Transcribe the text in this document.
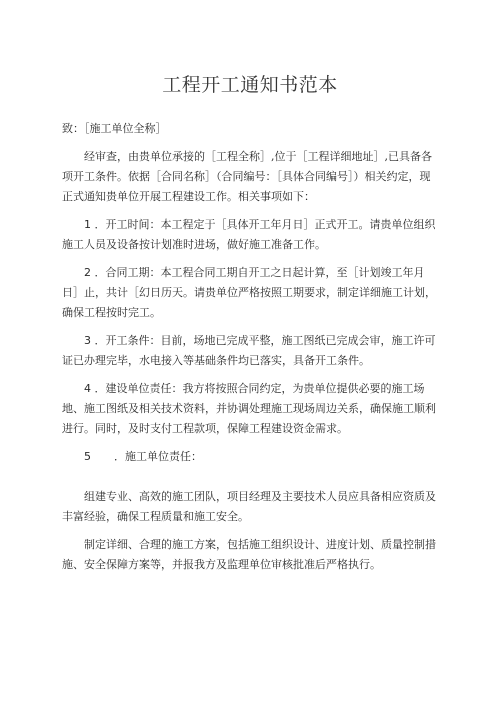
工程开工通知书范本

致：［施工单位全称］

经审查，由贵单位承接的［工程全称］,位于［工程详细地址］,已具备各项开工条件。依据［合同名称］（合同编号：［具体合同编号］）相关约定，现正式通知贵单位开展工程建设工作。相关事项如下：

1 ．开工时间：本工程定于［具体开工年月日］正式开工。请贵单位组织施工人员及设备按计划准时进场，做好施工准备工作。

2 ．合同工期：本工程合同工期自开工之日起计算，至［计划竣工年月日］止，共计［幻日历天。请贵单位严格按照工期要求，制定详细施工计划，确保工程按时完工。

3 ．开工条件：目前，场地已完成平整，施工图纸已完成会审，施工许可证已办理完毕，水电接入等基础条件均已落实，具备开工条件。

4 ．建设单位责任：我方将按照合同约定，为贵单位提供必要的施工场地、施工图纸及相关技术资料，并协调处理施工现场周边关系，确保施工顺利进行。同时，及时支付工程款项，保障工程建设资金需求。

5 ．施工单位责任：

组建专业、高效的施工团队，项目经理及主要技术人员应具备相应资质及丰富经验，确保工程质量和施工安全。

制定详细、合理的施工方案，包括施工组织设计、进度计划、质量控制措施、安全保障方案等，并报我方及监理单位审核批准后严格执行。
